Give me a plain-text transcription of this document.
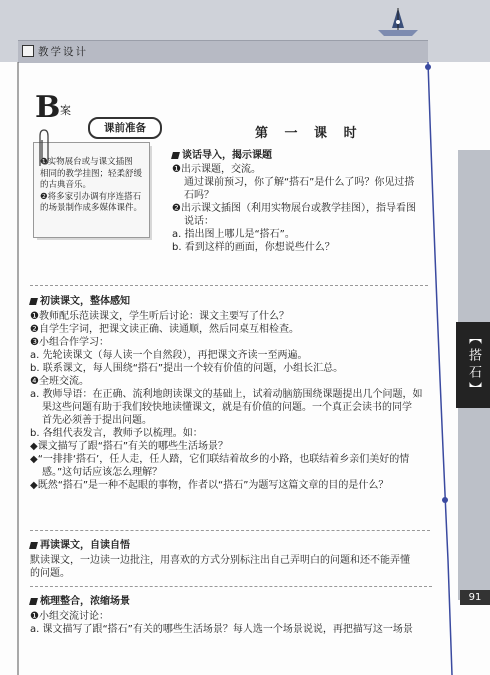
教学设计
【搭石】
91
B 案
❶实物展台或与课文插图
相同的教学挂图；轻柔舒缓
的古典音乐。
❷将多家引办调有序连搭石
的场景制作成多媒体课件。
课前准备	第 一 课 时
谈话导入，揭示课题
❶出示课题，交流。
通过课前预习，你了解“搭石”是什么了吗？你见过搭
石吗？
❷出示课文插图（利用实物展台或教学挂图），指导看图
说话：
a. 指出图上哪儿是“搭石”。
b. 看到这样的画面，你想说些什么？
初读课文，整体感知
❶教师配乐范读课文，学生听后讨论：课文主要写了什么？
❷自学生字词，把课文读正确、读通顺，然后同桌互相检查。
❸小组合作学习：
a. 先轮读课文（每人读一个自然段），再把课文齐读一至两遍。
b. 联系课文，每人围绕“搭石”提出一个较有价值的问题，小组长汇总。
❹全班交流。
a. 教师导语：在正确、流利地朗读课文的基础上，试着动脑筋围绕课题提出几个问题，如
果这些问题有助于我们较快地读懂课文，就是有价值的问题。一个真正会读书的同学
首先必须善于提出问题。
b. 各组代表发言，教师予以梳理。如：
◆课文描写了跟“搭石”有关的哪些生活场景？
◆“一排排‘搭石’，任人走，任人踏，它们联结着故乡的小路，也联结着乡亲们美好的情
感。”这句话应该怎么理解？
◆既然“搭石”是一种不起眼的事物，作者以“搭石”为题写这篇文章的目的是什么？
再读课文，自读自悟
默读课文，一边读一边批注，用喜欢的方式分别标注出自己弄明白的问题和还不能弄懂
的问题。
梳理整合，浓缩场景
❶小组交流讨论：
a. 课文描写了跟“搭石”有关的哪些生活场景？每人选一个场景说说，再把描写这一场景
